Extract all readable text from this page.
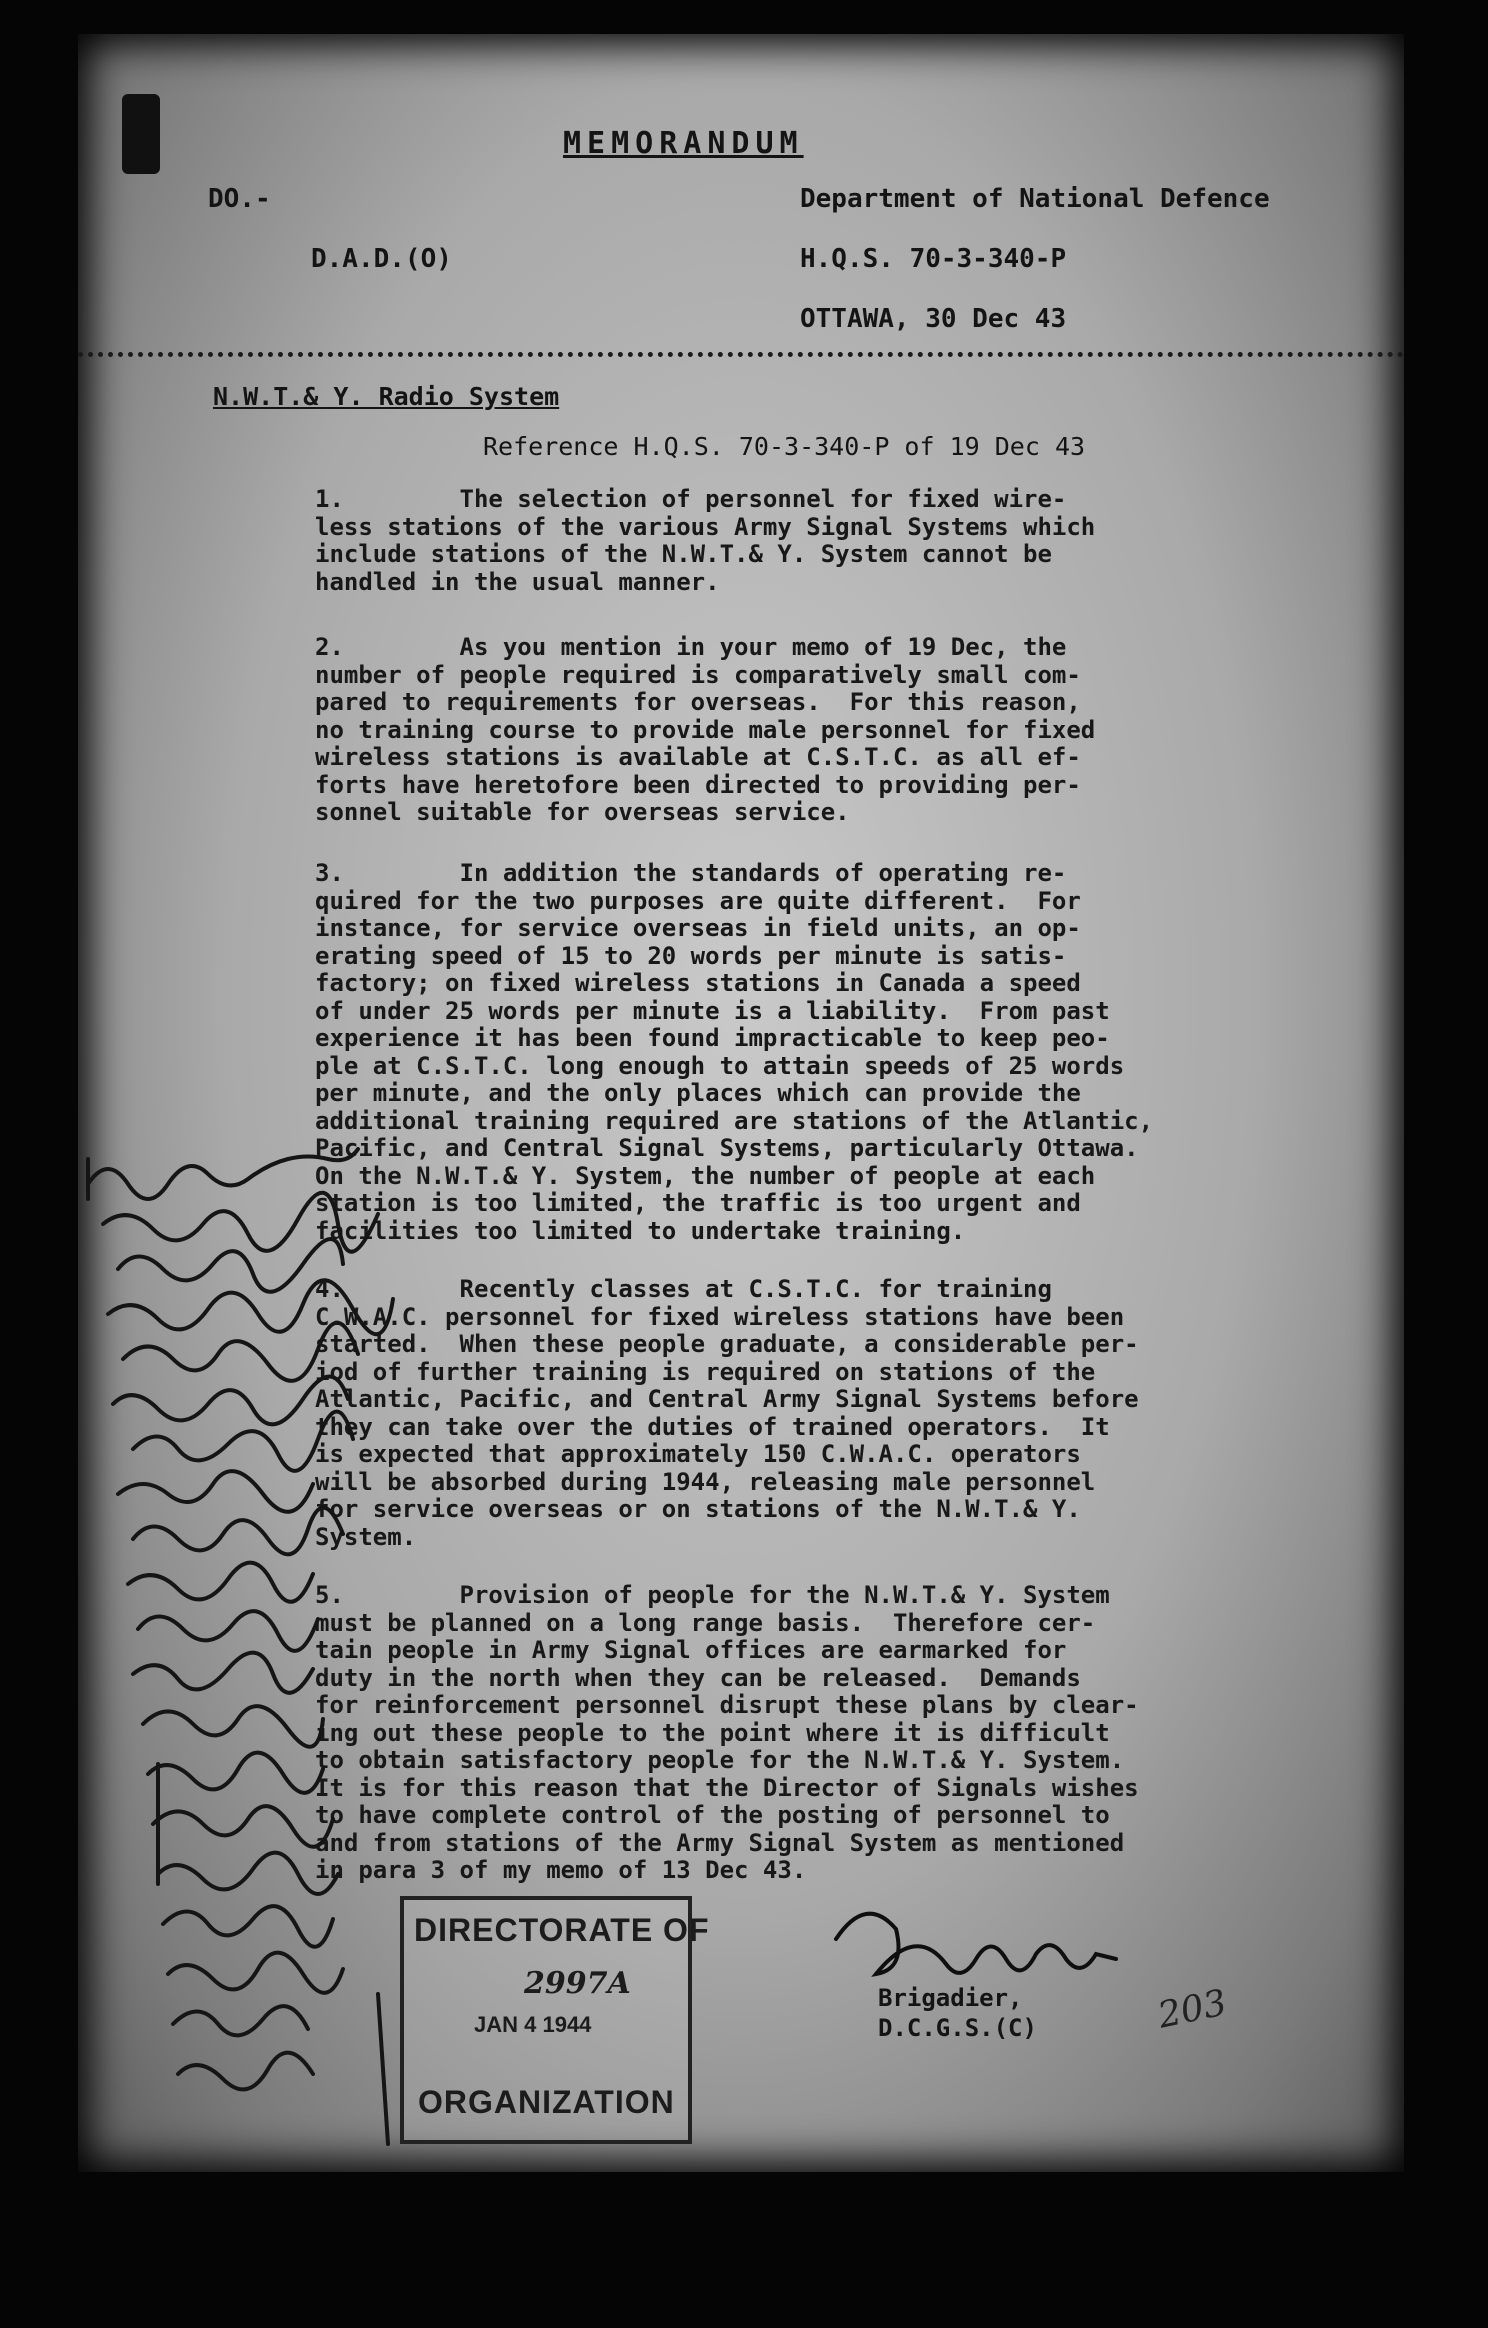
MEMORANDUM
DO.-
D.A.D.(O)
Department of National Defence
H.Q.S. 70-3-340-P
OTTAWA, 30 Dec 43
N.W.T.& Y. Radio System
Reference H.Q.S. 70-3-340-P of 19 Dec 43
1.        The selection of personnel for fixed wire-
less stations of the various Army Signal Systems which
include stations of the N.W.T.& Y. System cannot be
handled in the usual manner.
2.        As you mention in your memo of 19 Dec, the
number of people required is comparatively small com-
pared to requirements for overseas.  For this reason,
no training course to provide male personnel for fixed
wireless stations is available at C.S.T.C. as all ef-
forts have heretofore been directed to providing per-
sonnel suitable for overseas service.
3.        In addition the standards of operating re-
quired for the two purposes are quite different.  For
instance, for service overseas in field units, an op-
erating speed of 15 to 20 words per minute is satis-
factory; on fixed wireless stations in Canada a speed
of under 25 words per minute is a liability.  From past
experience it has been found impracticable to keep peo-
ple at C.S.T.C. long enough to attain speeds of 25 words
per minute, and the only places which can provide the
additional training required are stations of the Atlantic,
Pacific, and Central Signal Systems, particularly Ottawa.
On the N.W.T.& Y. System, the number of people at each
station is too limited, the traffic is too urgent and
facilities too limited to undertake training.
4.        Recently classes at C.S.T.C. for training
C.W.A.C. personnel for fixed wireless stations have been
started.  When these people graduate, a considerable per-
iod of further training is required on stations of the
Atlantic, Pacific, and Central Army Signal Systems before
they can take over the duties of trained operators.  It
is expected that approximately 150 C.W.A.C. operators
will be absorbed during 1944, releasing male personnel
for service overseas or on stations of the N.W.T.& Y.
System.
5.        Provision of people for the N.W.T.& Y. System
must be planned on a long range basis.  Therefore cer-
tain people in Army Signal offices are earmarked for
duty in the north when they can be released.  Demands
for reinforcement personnel disrupt these plans by clear-
ing out these people to the point where it is difficult
to obtain satisfactory people for the N.W.T.& Y. System.
It is for this reason that the Director of Signals wishes
to have complete control of the posting of personnel to
and from stations of the Army Signal System as mentioned
in para 3 of my memo of 13 Dec 43.
DIRECTORATE OF
2997A
JAN 4 1944
ORGANIZATION
Brigadier,
D.C.G.S.(C)	203
